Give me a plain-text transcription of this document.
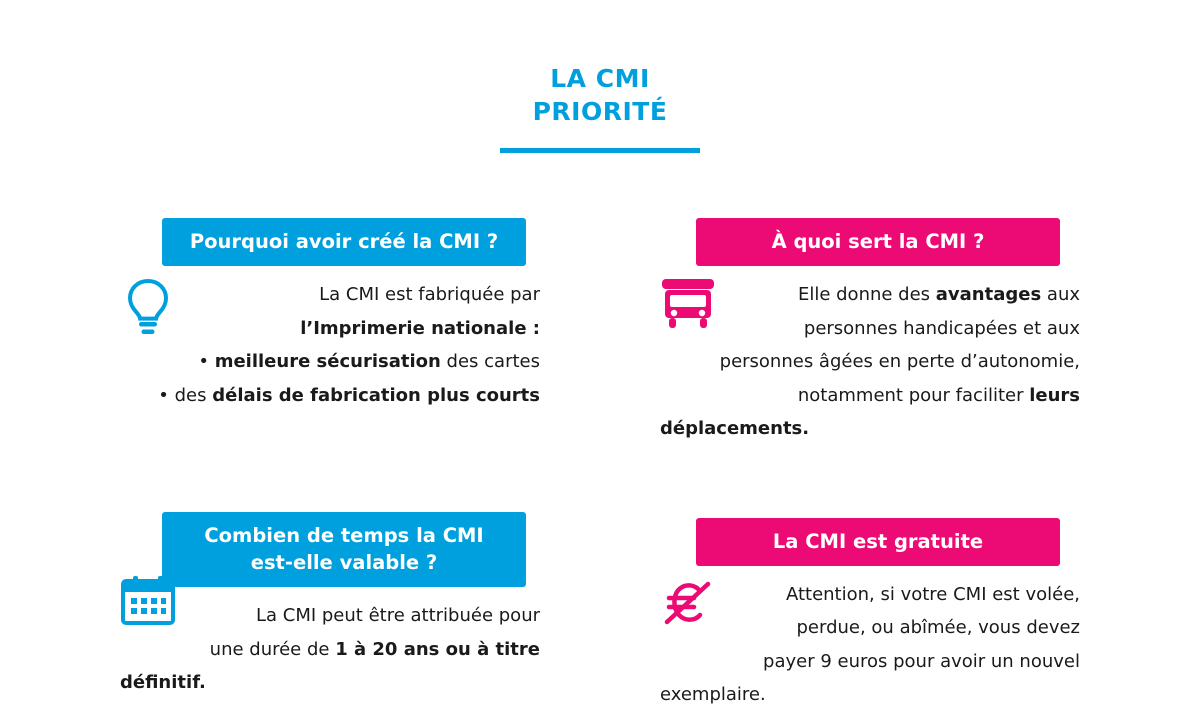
LA CMI
PRIORITÉ
Pourquoi avoir créé la CMI ?
La CMI est fabriquée par
l’Imprimerie nationale :
• meilleure sécurisation des cartes
• des délais de fabrication plus courts
Combien de temps la CMI
est-elle valable ?
La CMI peut être attribuée pour
une durée de 1 à 20 ans ou à titre
définitif.
À quoi sert la CMI ?
Elle donne des avantages aux
personnes handicapées et aux
personnes âgées en perte d’autonomie,
notamment pour faciliter leurs
déplacements.
La CMI est gratuite
Attention, si votre CMI est volée,
perdue, ou abîmée, vous devez
payer 9 euros pour avoir un nouvel
exemplaire.
